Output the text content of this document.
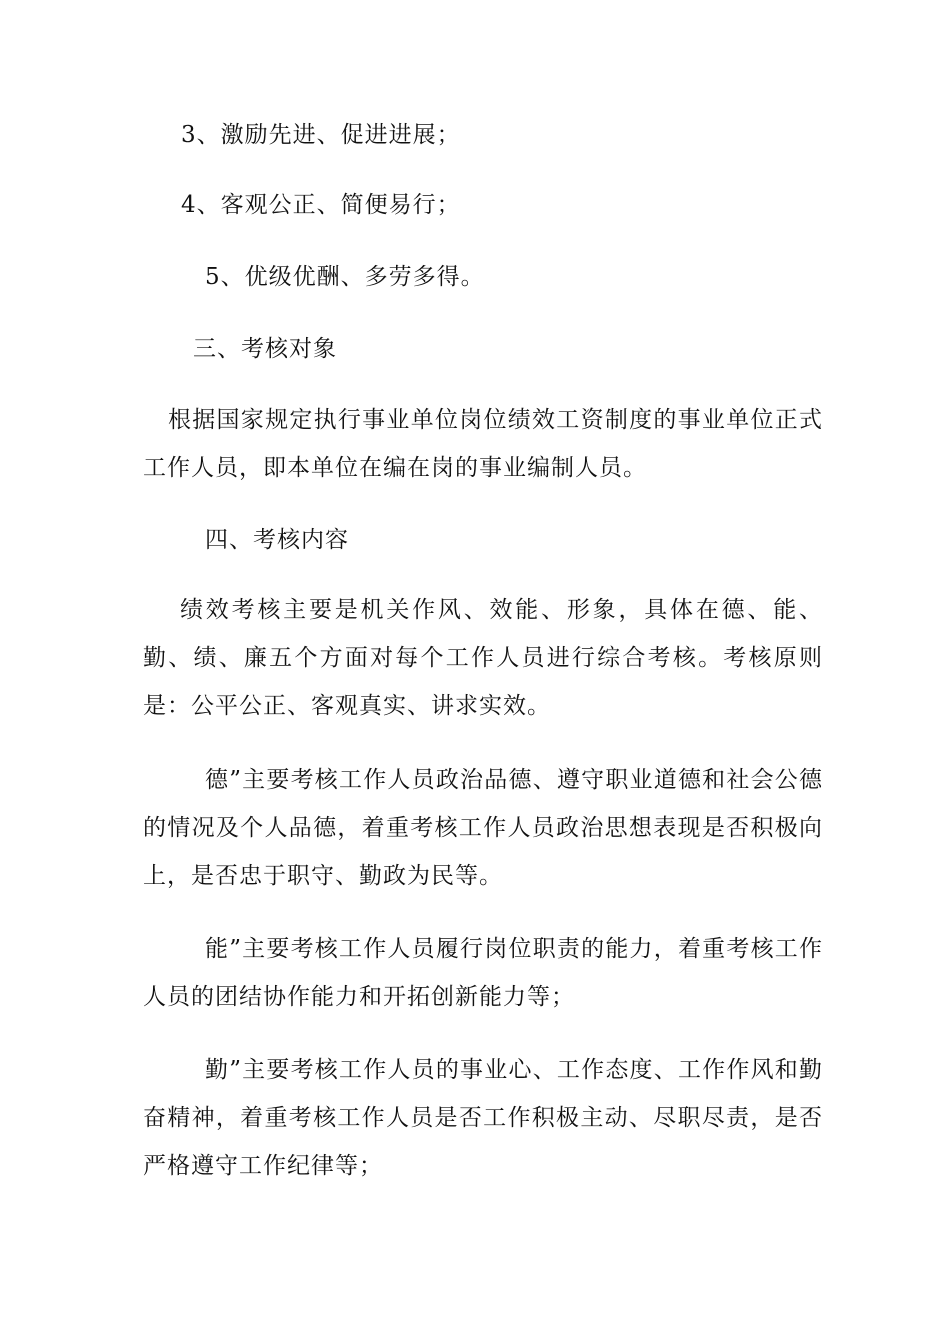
3、激励先进、促进进展；
4、客观公正、简便易行；
5、优级优酬、多劳多得。
三、考核对象
根据国家规定执行事业单位岗位绩效工资制度的事业单位正式工作人员，即本单位在编在岗的事业编制人员。
四、考核内容
绩效考核主要是机关作风、效能、形象，具体在德、能、勤、绩、廉五个方面对每个工作人员进行综合考核。考核原则是：公平公正、客观真实、讲求实效。
德”主要考核工作人员政治品德、遵守职业道德和社会公德的情况及个人品德，着重考核工作人员政治思想表现是否积极向上，是否忠于职守、勤政为民等。
能”主要考核工作人员履行岗位职责的能力，着重考核工作人员的团结协作能力和开拓创新能力等；
勤”主要考核工作人员的事业心、工作态度、工作作风和勤奋精神，着重考核工作人员是否工作积极主动、尽职尽责，是否严格遵守工作纪律等；
